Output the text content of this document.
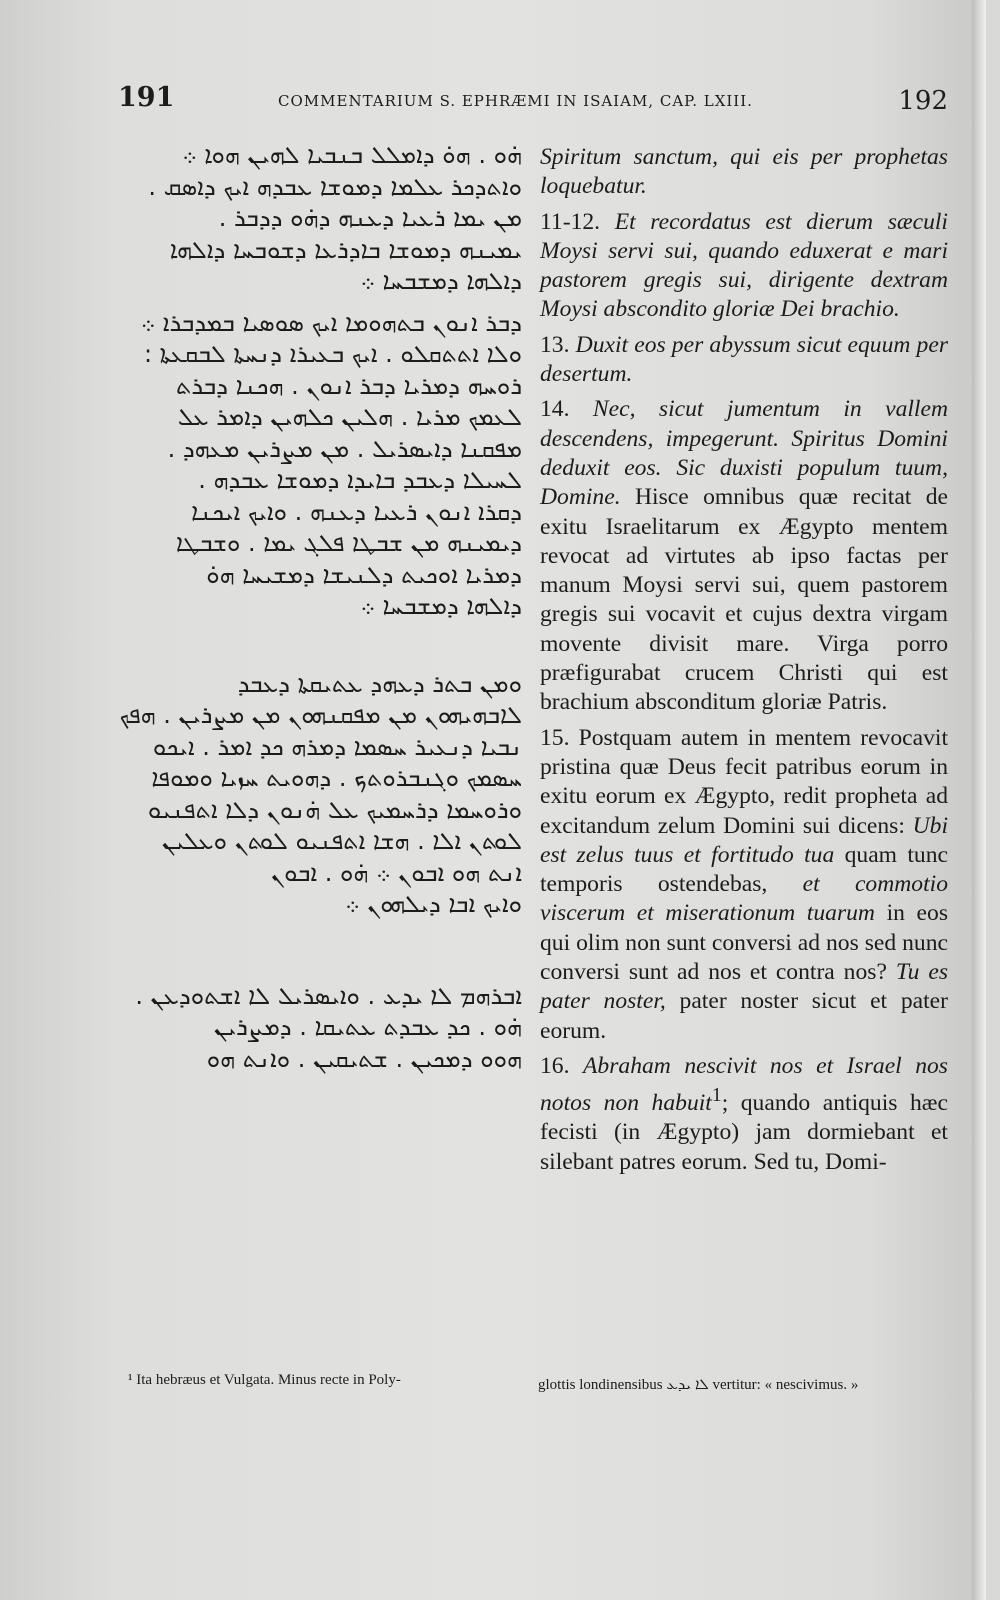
191	COMMENTARIUM S. EPHRÆMI IN ISAIAM, CAP. LXIII.	192
ܗ̇ܘ . ܗܘ̇ ܕܐܡܠܠ ܒܢܒܝܐ ܠܗܝܢ ܗܘܐ ܀
ܘܐܬܕܟܪ ܥܠܡܐ ܕܡܘܫܐ ܥܒܕܗ ܐܝܟ ܕܐܣܩ .
ܡܢ ܝܡܐ ܪܥܝܐ ܕܥܢܗ ܕܗ̇ܘ ܕܕܒܪ .
ܝܡܝܢܗ ܕܡܘܫܐ ܒܐܕܪܥܐ ܕܫܘܒܚܐ ܕܐܠܗܐ
ܕܐܠܗܐ ܕܡܫܒܚܐ ܀
ܕܒܪ ܐܢܘܢ ܒܬܗܘܡܐ ܐܝܟ ܣܘܣܝܐ ܒܡܕܒܪܐ ܀
ܘܠܐ ܐܬܬܩܠܘ . ܐܝܟ ܒܥܝܪܐ ܕܢܚܬܐ ܠܒܩܥܬܐ :
ܪܘܚܗ ܕܡܪܝܐ ܕܒܪ ܐܢܘܢ . ܗܟܢܐ ܕܒܪܬ
ܠܥܡܟ ܡܪܝܐ . ܗܠܝܢ ܟܠܗܝܢ ܕܐܡܪ ܥܠ
ܡܦܩܢܐ ܕܐܝܣܪܝܠ . ܡܢ ܡܨܪܝܢ ܡܥܗܕ .
ܠܚܝܠܐ ܕܥܒܕ ܒܐܝܕܐ ܕܡܘܫܐ ܥܒܕܗ .
ܕܩܪܐ ܐܢܘܢ ܪܥܝܐ ܕܥܢܗ . ܘܐܝܟ ܐܝܟܢܐ
ܕܝܡܝܢܗ ܡܢ ܫܒܛܐ ܦܠܓ ܝܡܐ . ܘܫܒܛܐ
ܕܡܪܝܐ ܐܘܟܝܬ ܕܠܢܝܫܐ ܕܡܫܝܚܐ ܗܘ̇
ܕܐܠܗܐ ܕܡܫܒܚܐ ܀
ܘܡܢ ܒܬܪ ܕܥܗܕ ܥܬܝܩܬܐ ܕܥܒܕ
ܠܐܒܗܝܗܘܢ ܡܢ ܡܦܩܢܗܘܢ ܡܢ ܡܨܪܝܢ . ܗܦܟ
ܢܒܝܐ ܕܢܥܝܪ ܚܣܡܐ ܕܡܪܗ ܟܕ ܐܡܪ . ܐܝܟܘ
ܚܣܡܟ ܘܓܢܒܪܘܬܟ . ܕܗܘܝܬ ܚܙܝܐ ܘܡܘܦܐ
ܘܪܘܚܡܐ ܕܪܚܡܝܟ ܥܠ ܗ̇ܢܘܢ ܕܠܐ ܐܬܦܢܝܘ
ܠܘܬܢ ܐܠܐ . ܗܫܐ ܐܬܦܢܝܘ ܠܘܬܢ ܘܥܠܝܢ
ܐܢܬ ܗܘ ܐܒܘܢ ܀ ܗ̇ܘ . ܐܒܘܢ
ܘܐܝܟ ܐܒܐ ܕܝܠܗܘܢ ܀
ܐܒܪܗܡ ܠܐ ܝܕܥ . ܘܐܝܣܪܝܠ ܠܐ ܐܫܬܘܕܥܢ .
ܗ̇ܘ . ܟܕ ܥܒܕܬ ܥܬܝܩܐ . ܕܡܨܪܝܢ
ܗܘܘ ܕܡܟܝܢ . ܫܬܝܩܝܢ . ܘܐܢܬ ܗܘ

Spiritum sanctum, qui eis per prophetas loquebatur.

11-12. Et recordatus est dierum sæculi Moysi servi sui, quando eduxerat e mari pastorem gregis sui, dirigente dextram Moysi abscondito gloriæ Dei brachio.

13. Duxit eos per abyssum sicut equum per desertum.

14. Nec, sicut jumentum in vallem descendens, impegerunt. Spiritus Domini deduxit eos. Sic duxisti populum tuum, Domine. Hisce omnibus quæ recitat de exitu Israelitarum ex Ægypto mentem revocat ad virtutes ab ipso factas per manum Moysi servi sui, quem pastorem gregis sui vocavit et cujus dextra virgam movente divisit mare. Virga porro præfigurabat crucem Christi qui est brachium absconditum gloriæ Patris.

15. Postquam autem in mentem revocavit pristina quæ Deus fecit patribus eorum in exitu eorum ex Ægypto, redit propheta ad excitandum zelum Domini sui dicens: Ubi est zelus tuus et fortitudo tua quam tunc temporis ostendebas, et commotio viscerum et miserationum tuarum in eos qui olim non sunt conversi ad nos sed nunc conversi sunt ad nos et contra nos? Tu es pater noster, pater noster sicut et pater eorum.

16. Abraham nescivit nos et Israel nos notos non habuit$^1$; quando antiquis hæc fecisti (in Ægypto) jam dormiebant et silebant patres eorum. Sed tu, Domi-

¹ Ita hebræus et Vulgata. Minus recte in Poly-	glottis londinensibus ܠܐ ܝܕܥ vertitur: « nescivimus. »
